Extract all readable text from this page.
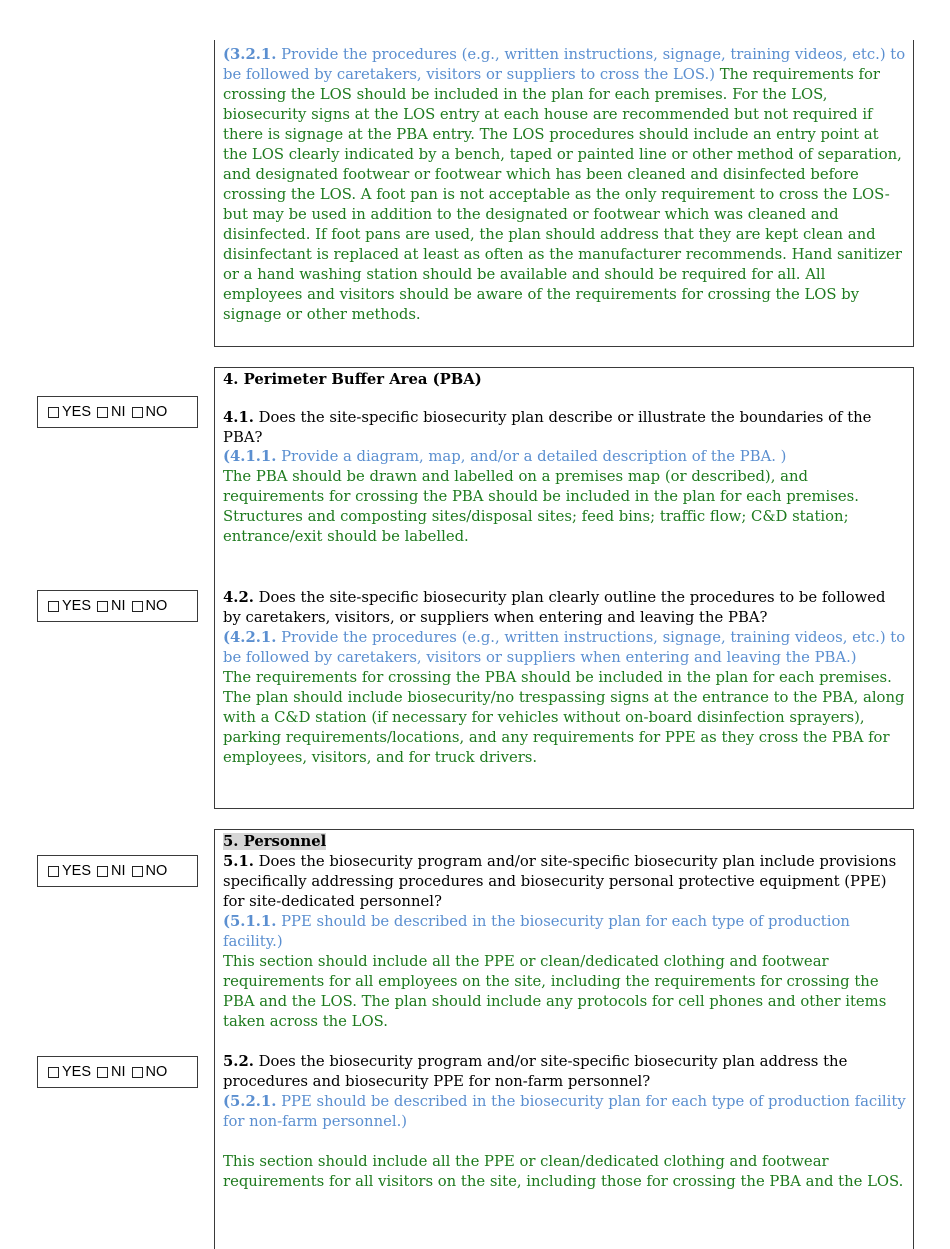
(3.2.1. Provide the procedures (e.g., written instructions, signage, training videos, etc.) to be followed by caretakers, visitors or suppliers to cross the LOS.) The requirements for crossing the LOS should be included in the plan for each premises. For the LOS, biosecurity signs at the LOS entry at each house are recommended but not required if there is signage at the PBA entry. The LOS procedures should include an entry point at the LOS clearly indicated by a bench, taped or painted line or other method of separation, and designated footwear or footwear which has been cleaned and disinfected before crossing the LOS. A foot pan is not acceptable as the only requirement to cross the LOS- but may be used in addition to the designated or footwear which was cleaned and disinfected. If foot pans are used, the plan should address that they are kept clean and disinfectant is replaced at least as often as the manufacturer recommends. Hand sanitizer or a hand washing station should be available and should be required for all. All employees and visitors should be aware of the requirements for crossing the LOS by signage or other methods.
4. Perimeter Buffer Area (PBA)
YES NI NO	4.1. Does the site-specific biosecurity plan describe or illustrate the boundaries of the PBA?
(4.1.1. Provide a diagram, map, and/or a detailed description of the PBA. )
The PBA should be drawn and labelled on a premises map (or described), and requirements for crossing the PBA should be included in the plan for each premises. Structures and composting sites/disposal sites; feed bins; traffic flow; C&D station; entrance/exit should be labelled.
YES NI NO	4.2. Does the site-specific biosecurity plan clearly outline the procedures to be followed by caretakers, visitors, or suppliers when entering and leaving the PBA?
(4.2.1. Provide the procedures (e.g., written instructions, signage, training videos, etc.) to be followed by caretakers, visitors or suppliers when entering and leaving the PBA.)
The requirements for crossing the PBA should be included in the plan for each premises. The plan should include biosecurity/no trespassing signs at the entrance to the PBA, along with a C&D station (if necessary for vehicles without on-board disinfection sprayers), parking requirements/locations, and any requirements for PPE as they cross the PBA for employees, visitors, and for truck drivers.
5. Personnel
YES NI NO
5.1. Does the biosecurity program and/or site-specific biosecurity plan include provisions specifically addressing procedures and biosecurity personal protective equipment (PPE) for site-dedicated personnel?
(5.1.1. PPE should be described in the biosecurity plan for each type of production facility.)
This section should include all the PPE or clean/dedicated clothing and footwear requirements for all employees on the site, including the requirements for crossing the PBA and the LOS. The plan should include any protocols for cell phones and other items taken across the LOS.
YES NI NO
5.2. Does the biosecurity program and/or site-specific biosecurity plan address the procedures and biosecurity PPE for non-farm personnel?
(5.2.1. PPE should be described in the biosecurity plan for each type of production facility for non-farm personnel.)
This section should include all the PPE or clean/dedicated clothing and footwear requirements for all visitors on the site, including those for crossing the PBA and the LOS.
